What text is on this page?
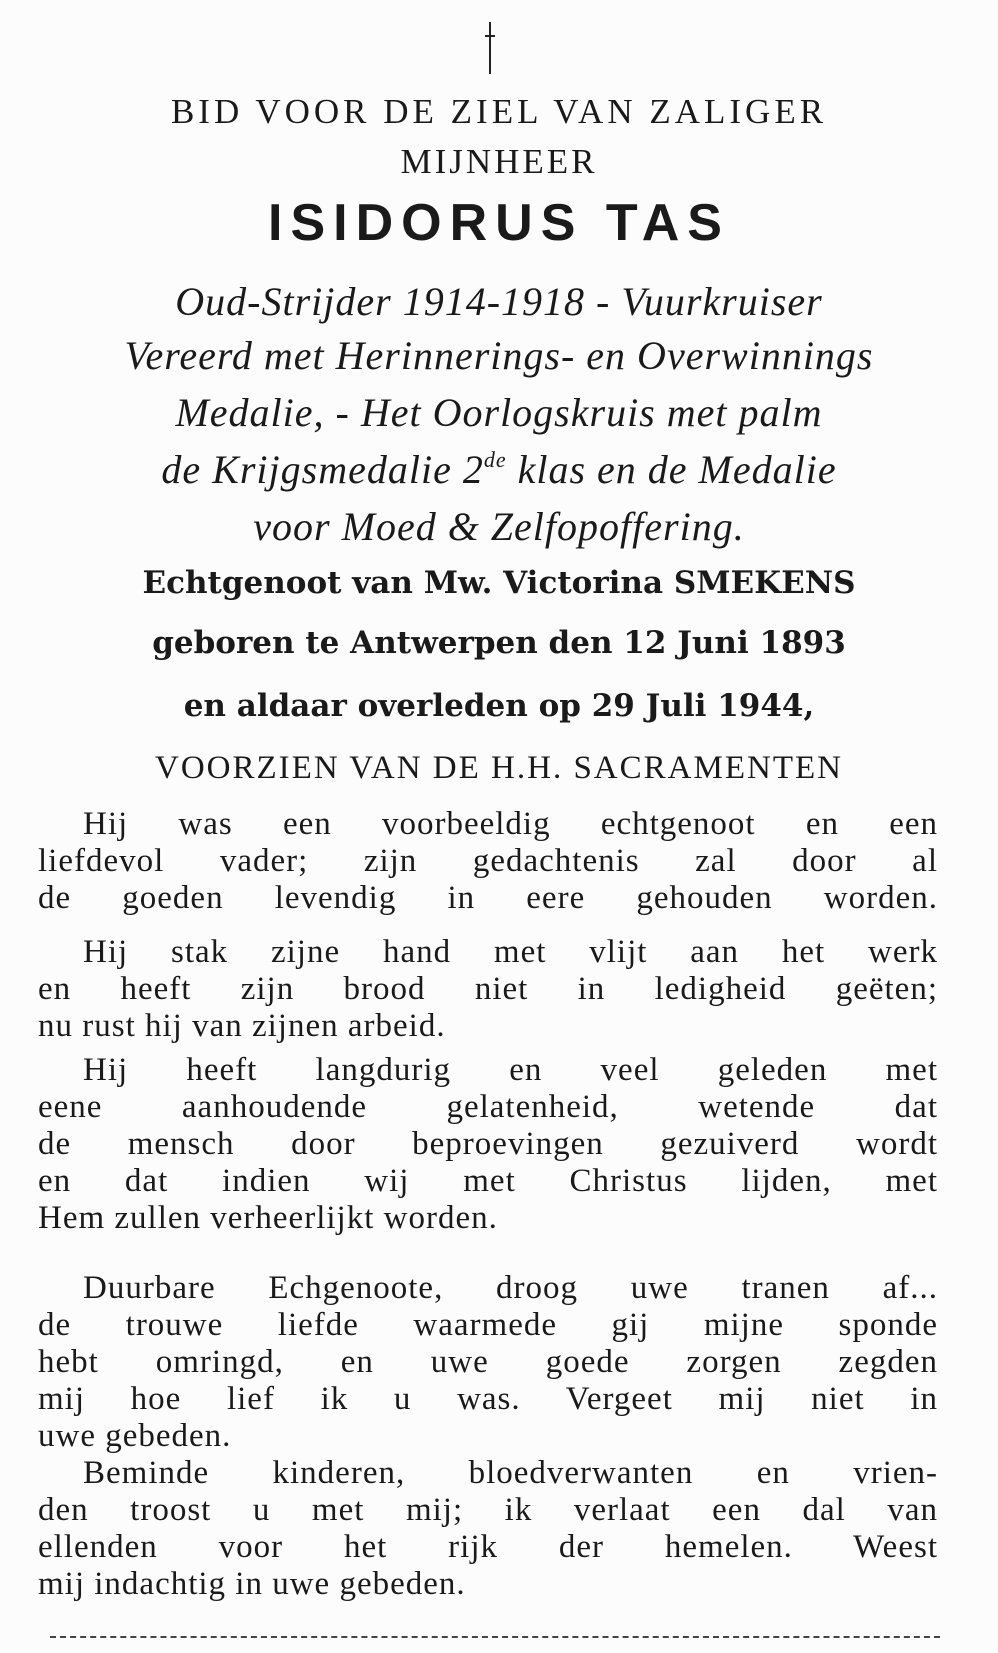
BID VOOR DE ZIEL VAN ZALIGER
MIJNHEER
ISIDORUS TAS
Oud-Strijder 1914-1918 - Vuurkruiser
Vereerd met Herinnerings- en Overwinnings
Medalie, - Het Oorlogskruis met palm
de Krijgsmedalie 2de klas en de Medalie
voor Moed & Zelfopoffering.
Echtgenoot van Mw. Victorina SMEKENS
geboren te Antwerpen den 12 Juni 1893
en aldaar overleden op 29 Juli 1944,
VOORZIEN VAN DE H.H. SACRAMENTEN
Hij was een voorbeeldig echtgenoot en een
liefdevol vader; zijn gedachtenis zal door al
de goeden levendig in eere gehouden worden.
Hij stak zijne hand met vlijt aan het werk
en heeft zijn brood niet in ledigheid geëten;
nu rust hij van zijnen arbeid.
Hij heeft langdurig en veel geleden met
eene aanhoudende gelatenheid, wetende dat
de mensch door beproevingen gezuiverd wordt
en dat indien wij met Christus lijden, met
Hem zullen verheerlijkt worden.
Duurbare Echgenoote, droog uwe tranen af...
de trouwe liefde waarmede gij mijne sponde
hebt omringd, en uwe goede zorgen zegden
mij hoe lief ik u was. Vergeet mij niet in
uwe gebeden.
Beminde kinderen, bloedverwanten en vrien-
den troost u met mij; ik verlaat een dal van
ellenden voor het rijk der hemelen. Weest
mij indachtig in uwe gebeden.
